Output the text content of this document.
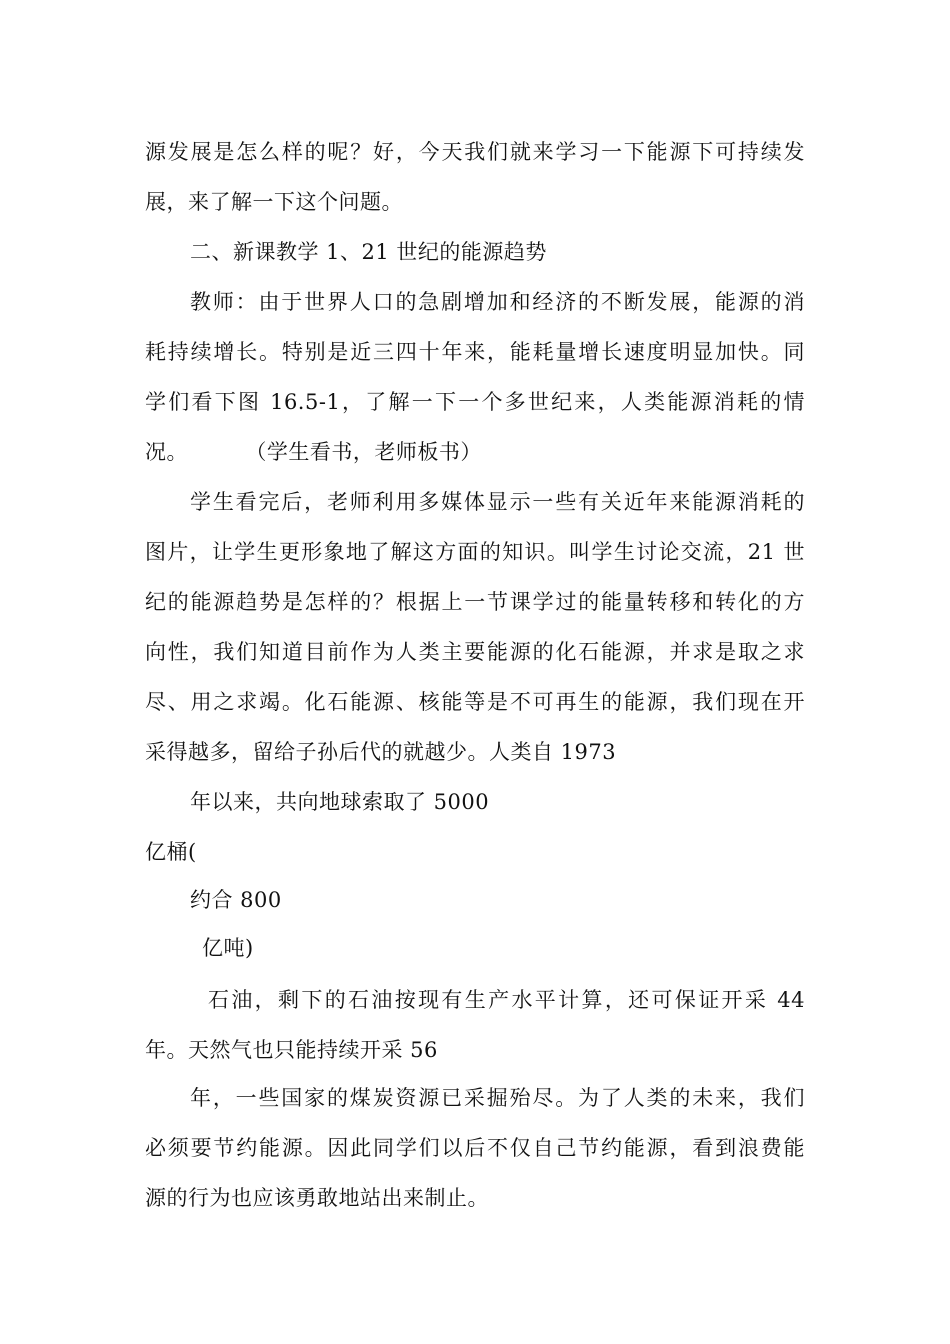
源发展是怎么样的呢？好，今天我们就来学习一下能源下可持续发
展，来了解一下这个问题。
二、新课教学 1、21 世纪的能源趋势
教师：由于世界人口的急剧增加和经济的不断发展，能源的消
耗持续增长。特别是近三四十年来，能耗量增长速度明显加快。同
学们看下图 16.5-1，了解一下一个多世纪来，人类能源消耗的情
况。        （学生看书，老师板书）
学生看完后，老师利用多媒体显示一些有关近年来能源消耗的
图片，让学生更形象地了解这方面的知识。叫学生讨论交流，21 世
纪的能源趋势是怎样的？根据上一节课学过的能量转移和转化的方
向性，我们知道目前作为人类主要能源的化石能源，并求是取之求
尽、用之求竭。化石能源、核能等是不可再生的能源，我们现在开
采得越多，留给子孙后代的就越少。人类自 1973
年以来，共向地球索取了 5000
亿桶(
约合 800
亿吨)
石油，剩下的石油按现有生产水平计算，还可保证开采 44
年。天然气也只能持续开采 56
年，一些国家的煤炭资源已采掘殆尽。为了人类的未来，我们
必须要节约能源。因此同学们以后不仅自己节约能源，看到浪费能
源的行为也应该勇敢地站出来制止。
